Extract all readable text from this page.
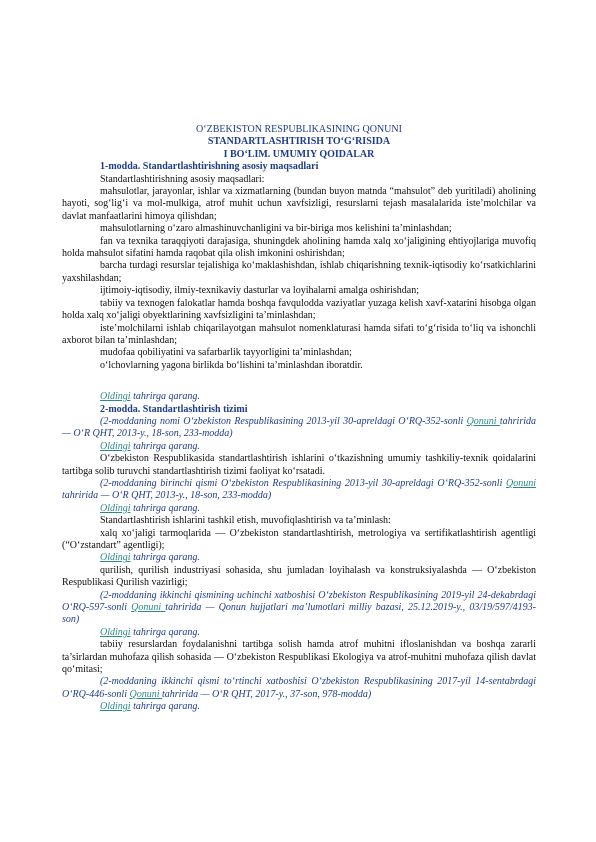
O‘ZBEKISTON RESPUBLIKASINING QONUNI

STANDARTLASHTIRISH TO‘G‘RISIDA

I BO‘LIM. UMUMIY QOIDALAR

1-modda. Standartlashtirishning asosiy maqsadlari

Standartlashtirishning asosiy maqsadlari:

mahsulotlar, jarayonlar, ishlar va xizmatlarning (bundan buyon matnda “mahsulot” deb yuritiladi) aholining hayoti, sog‘lig‘i va mol-mulkiga, atrof muhit uchun xavfsizligi, resurslarni tejash masalalarida iste’molchilar va davlat manfaatlarini himoya qilishdan;

mahsulotlarning o‘zaro almashinuvchanligini va bir-biriga mos kelishini ta’minlashdan;

fan va texnika taraqqiyoti darajasiga, shuningdek aholining hamda xalq xo‘jaligining ehtiyojlariga muvofiq holda mahsulot sifatini hamda raqobat qila olish imkonini oshirishdan;

barcha turdagi resurslar tejalishiga ko‘maklashishdan, ishlab chiqarishning texnik-iqtisodiy ko‘rsatkichlarini yaxshilashdan;

ijtimoiy-iqtisodiy, ilmiy-texnikaviy dasturlar va loyihalarni amalga oshirishdan;

tabiiy va texnogen falokatlar hamda boshqa favqulodda vaziyatlar yuzaga kelish xavf-xatarini hisobga olgan holda xalq xo‘jaligi obyektlarining xavfsizligini ta’minlashdan;

iste’molchilarni ishlab chiqarilayotgan mahsulot nomenklaturasi hamda sifati to‘g‘risida to‘liq va ishonchli axborot bilan ta’minlashdan;

mudofaa qobiliyatini va safarbarlik tayyorligini ta’minlashdan;

o‘lchovlarning yagona birlikda bo‘lishini ta’minlashdan iboratdir.

Oldingi tahrirga qarang.

2-modda. Standartlashtirish tizimi

(2-moddaning nomi O‘zbekiston Respublikasining 2013-yil 30-apreldagi O‘RQ-352-sonli Qonuni tahririda — O‘R QHT, 2013-y., 18-son, 233-modda)

Oldingi tahrirga qarang.

O‘zbekiston Respublikasida standartlashtirish ishlarini o‘tkazishning umumiy tashkiliy-texnik qoidalarini tartibga solib turuvchi standartlashtirish tizimi faoliyat ko‘rsatadi.

(2-moddaning birinchi qismi O‘zbekiston Respublikasining 2013-yil 30-apreldagi O‘RQ-352-sonli Qonuni tahririda — O‘R QHT, 2013-y., 18-son, 233-modda)

Oldingi tahrirga qarang.

Standartlashtirish ishlarini tashkil etish, muvofiqlashtirish va ta’minlash:

xalq xo‘jaligi tarmoqlarida — O‘zbekiston standartlashtirish, metrologiya va sertifikatlashtirish agentligi (“O‘zstandart” agentligi);

Oldingi tahrirga qarang.

qurilish, qurilish industriyasi sohasida, shu jumladan loyihalash va konstruksiyalashda — O‘zbekiston Respublikasi Qurilish vazirligi;

(2-moddaning ikkinchi qismining uchinchi xatboshisi O‘zbekiston Respublikasining 2019-yil 24-dekabrdagi O‘RQ-597-sonli Qonuni tahririda — Qonun hujjatlari ma’lumotlari milliy bazasi, 25.12.2019-y., 03/19/597/4193-son)

Oldingi tahrirga qarang.

tabiiy resurslardan foydalanishni tartibga solish hamda atrof muhitni ifloslanishdan va boshqa zararli ta’sirlardan muhofaza qilish sohasida — O‘zbekiston Respublikasi Ekologiya va atrof-muhitni muhofaza qilish davlat qo‘mitasi;

(2-moddaning ikkinchi qismi to‘rtinchi xatboshisi O‘zbekiston Respublikasining 2017-yil 14-sentabrdagi O‘RQ-446-sonli Qonuni tahririda — O‘R QHT, 2017-y., 37-son, 978-modda)

Oldingi tahrirga qarang.
